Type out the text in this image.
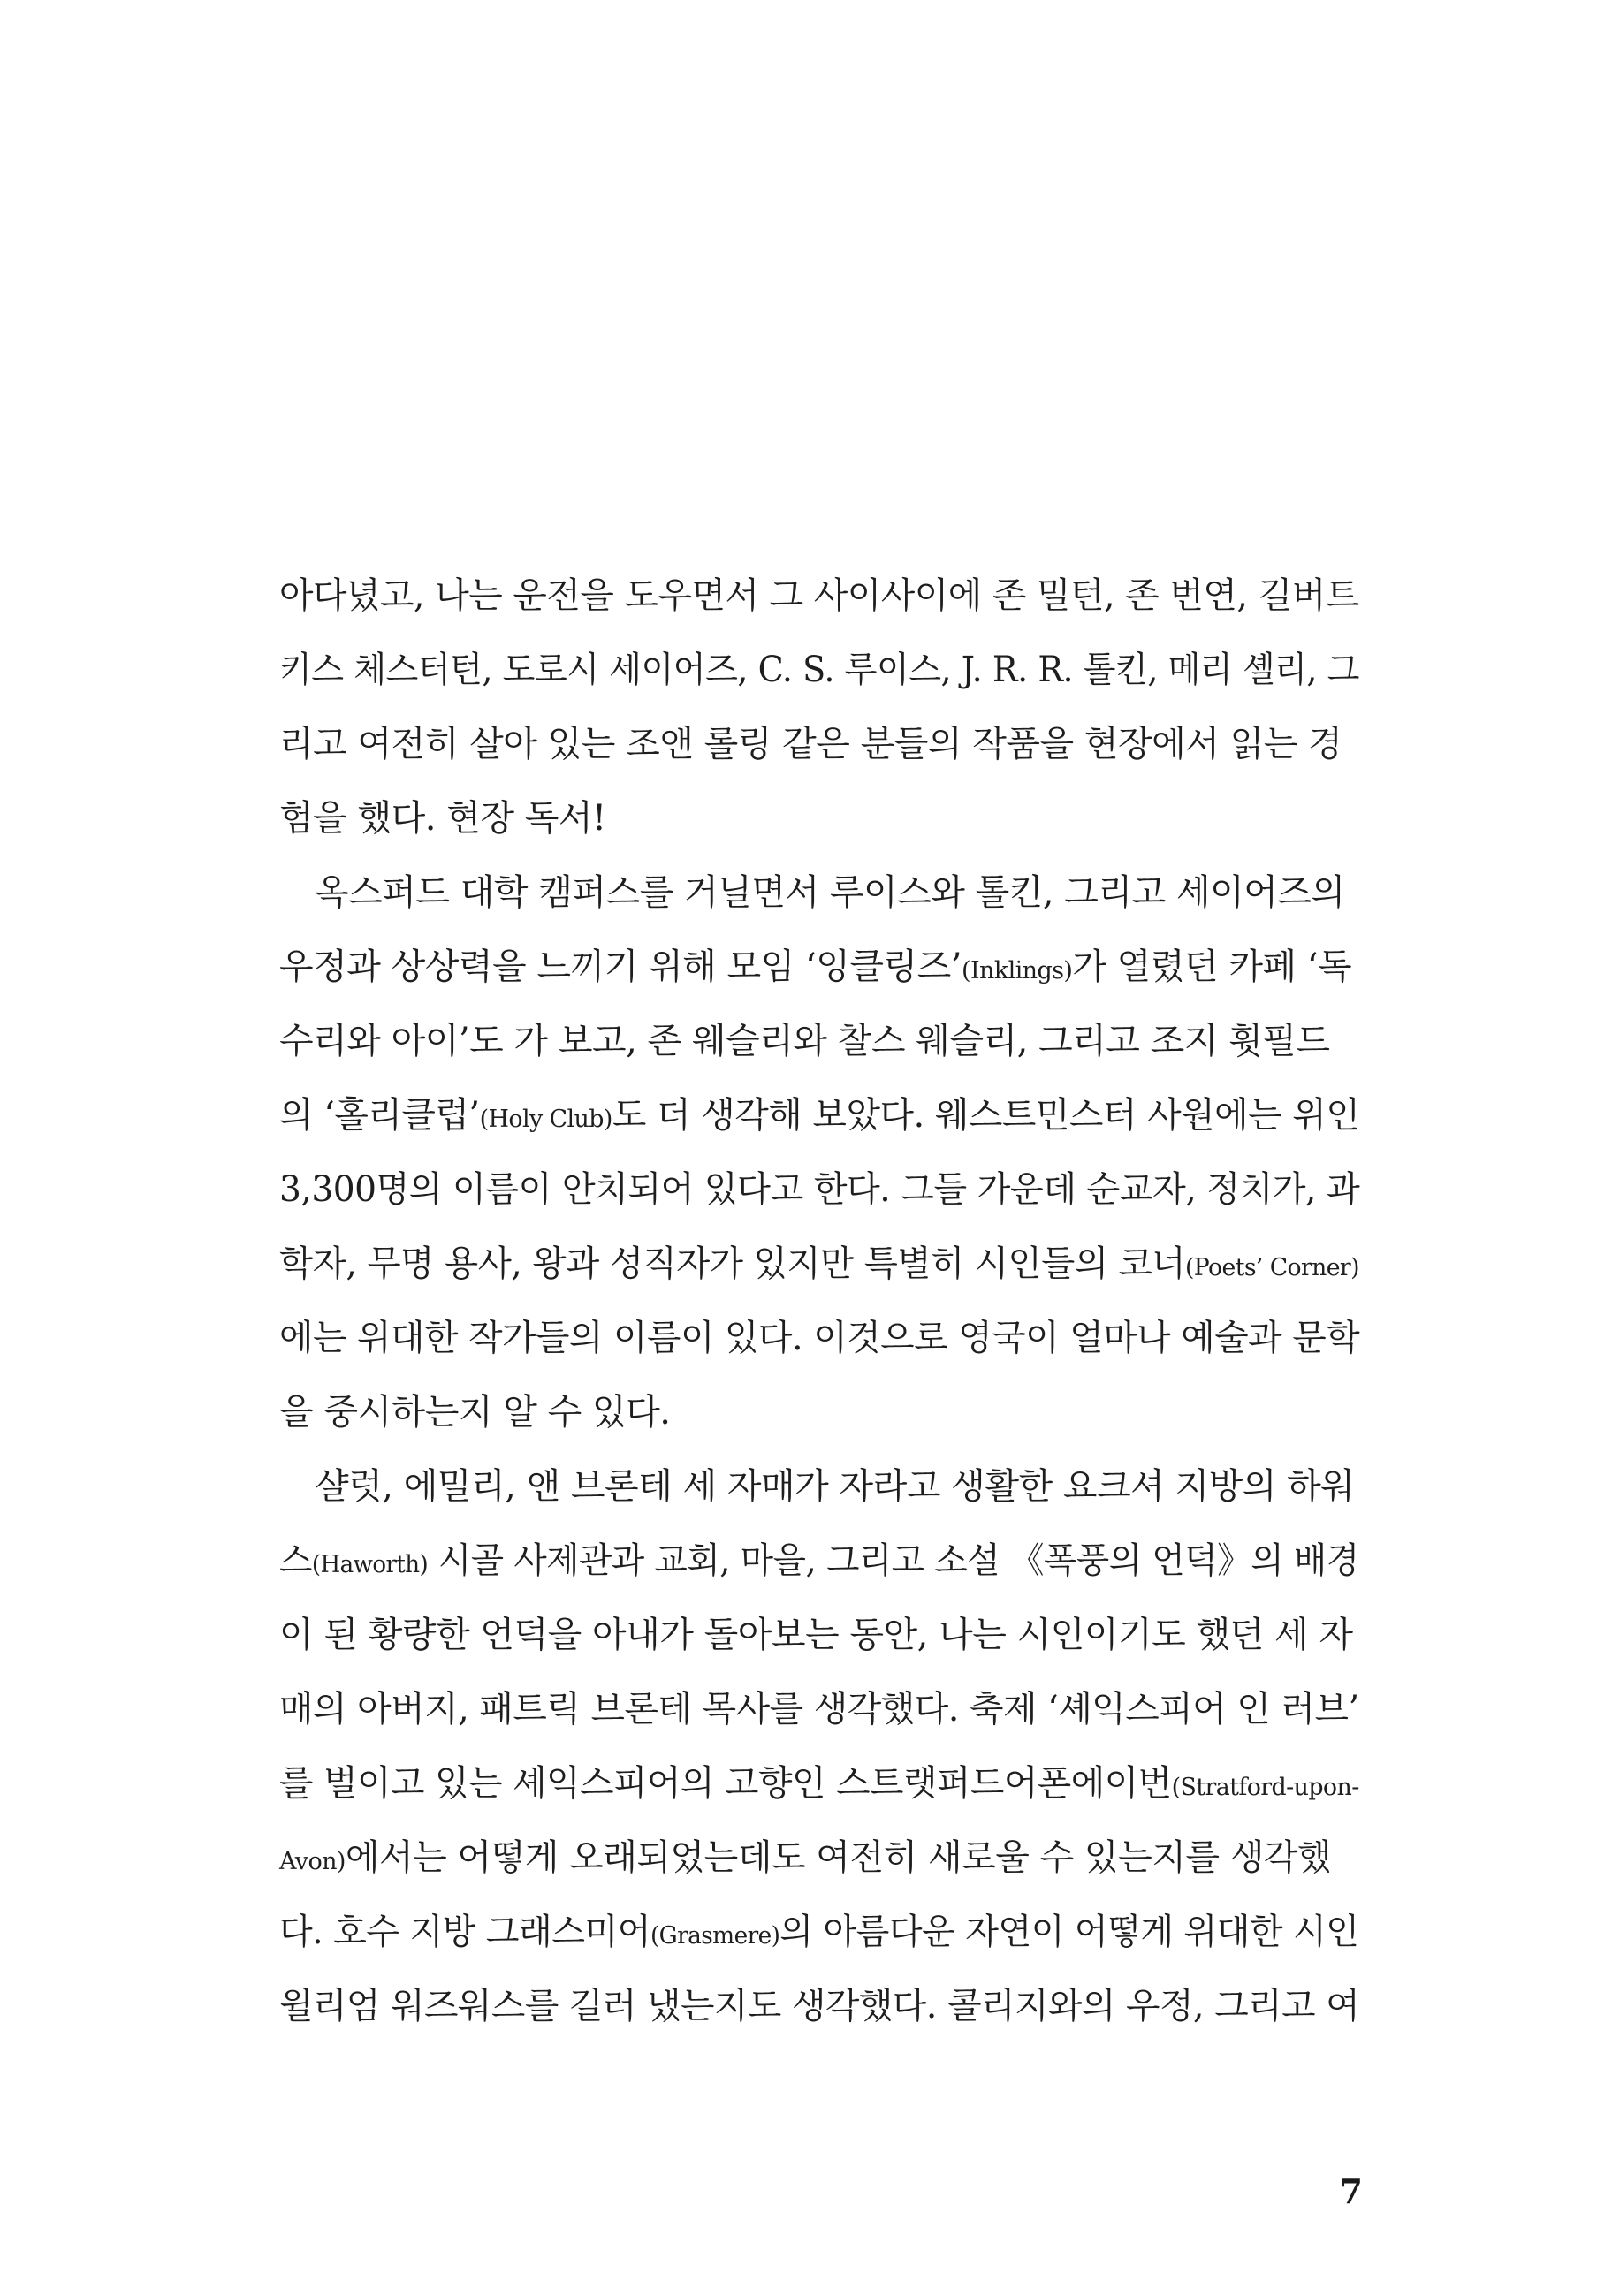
아다녔고, 나는 운전을 도우면서 그 사이사이에 존 밀턴, 존 번연, 길버트
키스 체스터턴, 도로시 세이어즈, C. S. 루이스, J. R. R. 톨킨, 메리 셸리, 그
리고 여전히 살아 있는 조앤 롤링 같은 분들의 작품을 현장에서 읽는 경
험을 했다. 현장 독서!
옥스퍼드 대학 캠퍼스를 거닐면서 루이스와 톨킨, 그리고 세이어즈의
우정과 상상력을 느끼기 위해 모임 ‘잉클링즈’(Inklings)가 열렸던 카페 ‘독
수리와 아이’도 가 보고, 존 웨슬리와 찰스 웨슬리, 그리고 조지 휫필드
의 ‘홀리클럽’(Holy Club)도 더 생각해 보았다. 웨스트민스터 사원에는 위인
3,300명의 이름이 안치되어 있다고 한다. 그들 가운데 순교자, 정치가, 과
학자, 무명 용사, 왕과 성직자가 있지만 특별히 시인들의 코너(Poets’ Corner)
에는 위대한 작가들의 이름이 있다. 이것으로 영국이 얼마나 예술과 문학
을 중시하는지 알 수 있다.
샬럿, 에밀리, 앤 브론테 세 자매가 자라고 생활한 요크셔 지방의 하워
스(Haworth) 시골 사제관과 교회, 마을, 그리고 소설 《폭풍의 언덕》의 배경
이 된 황량한 언덕을 아내가 돌아보는 동안, 나는 시인이기도 했던 세 자
매의 아버지, 패트릭 브론테 목사를 생각했다. 축제 ‘셰익스피어 인 러브’
를 벌이고 있는 셰익스피어의 고향인 스트랫퍼드어폰에이번(Stratford-upon-
Avon)에서는 어떻게 오래되었는데도 여전히 새로울 수 있는지를 생각했
다. 호수 지방 그래스미어(Grasmere)의 아름다운 자연이 어떻게 위대한 시인
윌리엄 워즈워스를 길러 냈는지도 생각했다. 콜리지와의 우정, 그리고 여
7
